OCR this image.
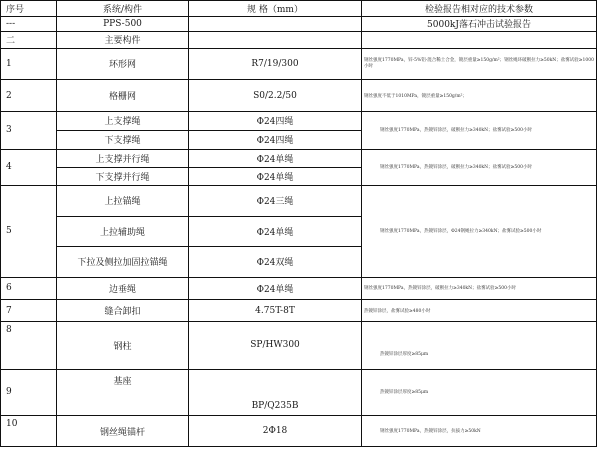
序号	系统/构件	规 格（mm）	检验报告相对应的技术参数
---	PPS-500		5000kJ落石冲击试验报告
二	主要构件		
1	环形网	R7/19/300	钢丝强度1770MPa，锌-5%铝-混合稀土合金，镀层重量≥150g/m²；钢丝绳环破断拉力≥50kN；盐雾试验≥1000小时
2	格栅网	S0/2.2/50	钢丝强度不低于1010MPa，镀层重量≥150g/m²；
3	上支撑绳	Φ24四绳	钢丝强度1770MPa，热镀锌涂层，破断拉力≥340kN；盐雾试验≥500小时
	下支撑绳	Φ24四绳	
4	上支撑并行绳	Φ24单绳	钢丝强度1770MPa，热镀锌涂层，破断拉力≥340kN；盐雾试验≥500小时
	下支撑并行绳	Φ24单绳	
5	上拉锚绳	Φ24三绳	钢丝强度1770MPa，热镀锌涂层，Φ24钢绳拉力≥340kN；盐雾试验≥500小时
	上拉辅助绳	Φ24单绳	
	下拉及侧拉加固拉锚绳	Φ24双绳	
6	边垂绳	Φ24单绳	钢丝强度1770MPa，热镀锌涂层，破断拉力≥340kN；盐雾试验≥500小时
7	缝合卸扣	4.75T-8T	热镀锌涂层，盐雾试验≥480小时
8	钢柱	SP/HW300	热镀锌涂层厚度≥85μm
9	基座	BP/Q235B	热镀锌涂层厚度≥85μm
10	钢丝绳锚杆	2Φ18	钢丝强度1770MPa，热镀锌涂层，抗拔力≥50kN
